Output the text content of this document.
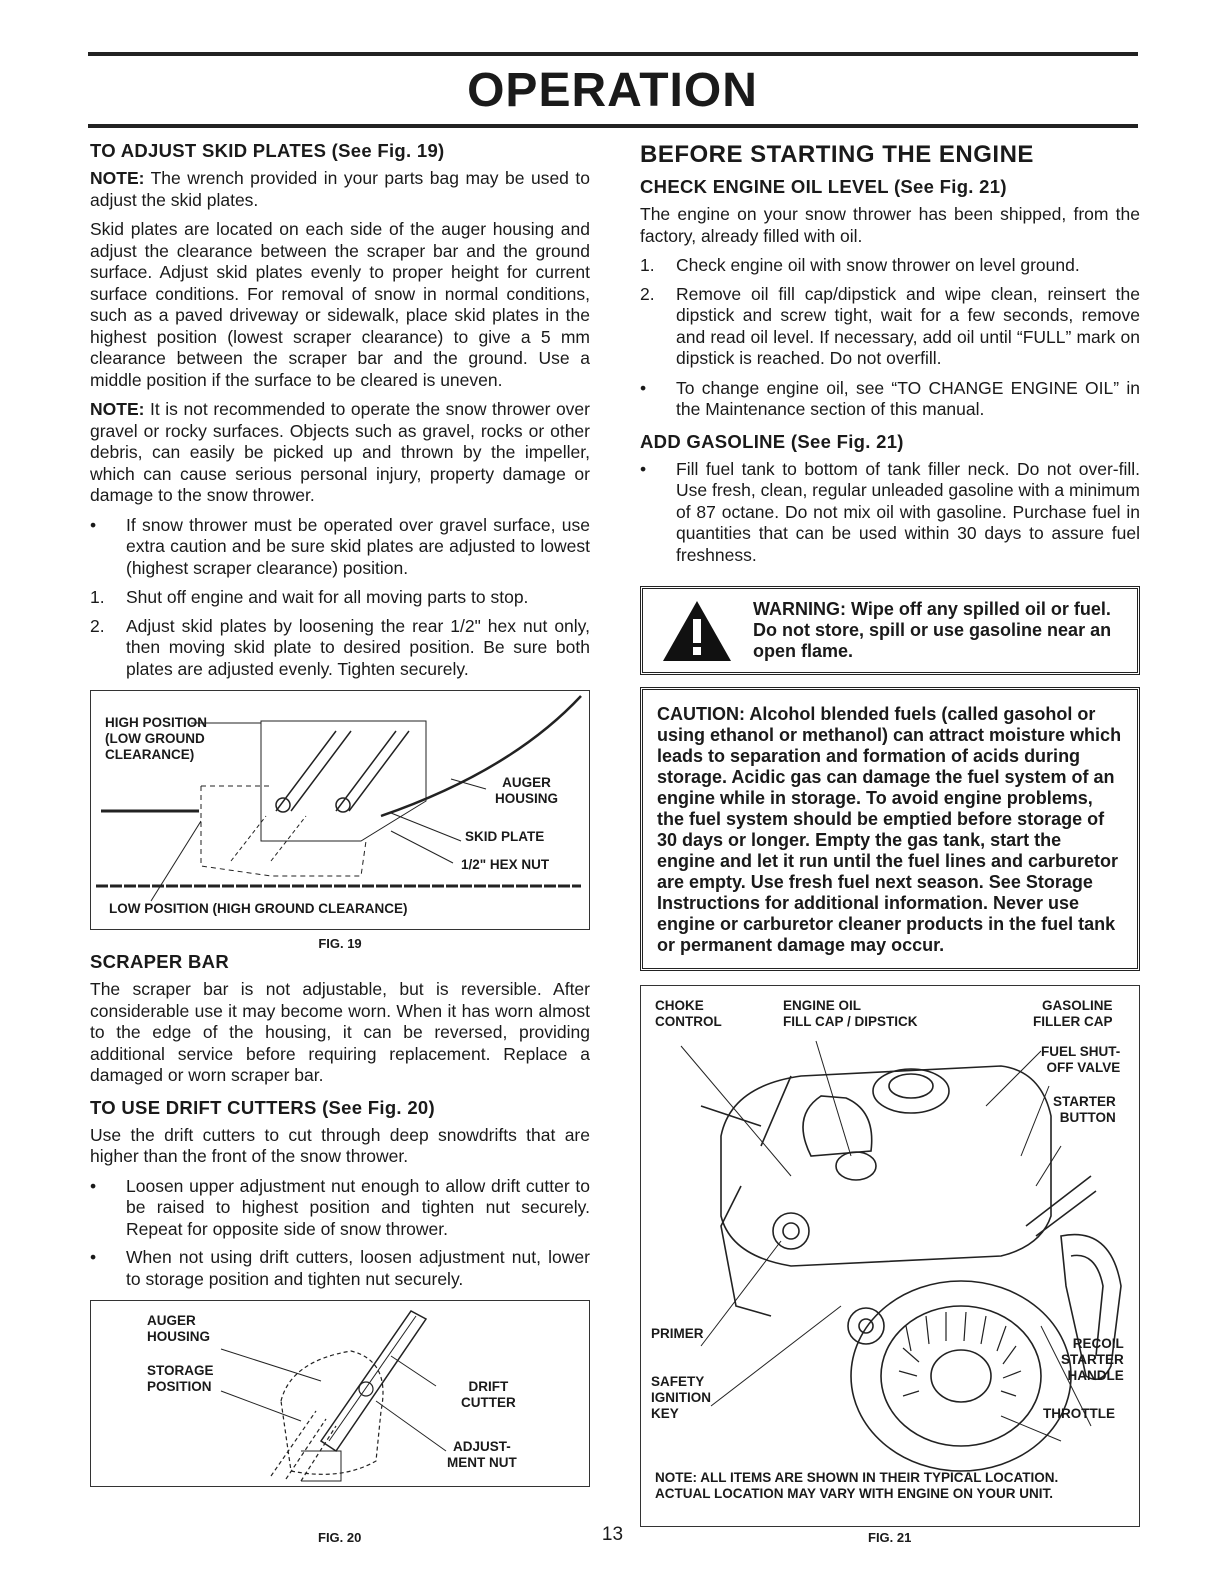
OPERATION
TO ADJUST SKID PLATES (See Fig. 19)

NOTE: The wrench provided in your parts bag may be used to adjust the skid plates.

Skid plates are located on each side of the auger housing and adjust the clearance between the scraper bar and the ground surface. Adjust skid plates evenly to proper height for current surface conditions. For removal of snow in normal conditions, such as a paved driveway or sidewalk, place skid plates in the highest position (lowest scraper clearance) to give a 5 mm clearance between the scraper bar and the ground. Use a middle position if the surface to be cleared is uneven.

NOTE: It is not recommended to operate the snow thrower over gravel or rocky surfaces. Objects such as gravel, rocks or other debris, can easily be picked up and thrown by the impeller, which can cause serious personal injury, property damage or damage to the snow thrower.

•	If snow thrower must be operated over gravel surface, use extra caution and be sure skid plates are adjusted to lowest (highest scraper clearance) position.
1.	Shut off engine and wait for all moving parts to stop.
2.	Adjust skid plates by loosening the rear 1/2" hex nut only, then moving skid plate to desired position. Be sure both plates are adjusted evenly. Tighten securely.
HIGH POSITION
(LOW GROUND
CLEARANCE)
AUGER
HOUSING
SKID PLATE
1/2" HEX NUT
LOW POSITION (HIGH GROUND CLEARANCE)
FIG. 19
SCRAPER BAR

The scraper bar is not adjustable, but is reversible. After considerable use it may become worn. When it has worn almost to the edge of the housing, it can be reversed, providing additional service before requiring replacement. Replace a damaged or worn scraper bar.

TO USE DRIFT CUTTERS (See Fig. 20)

Use the drift cutters to cut through deep snowdrifts that are higher than the front of the snow thrower.

•	Loosen upper adjustment nut enough to allow drift cutter to be raised to highest position and tighten nut securely. Repeat for opposite side of snow thrower.
•	When not using drift cutters, loosen adjustment nut, lower to storage position and tighten nut securely.
AUGER
HOUSING
STORAGE
POSITION	DRIFT
CUTTER
ADJUST-
MENT NUT
BEFORE STARTING THE ENGINE
CHECK ENGINE OIL LEVEL (See Fig. 21)

The engine on your snow thrower has been shipped, from the factory, already filled with oil.

1.	Check engine oil with snow thrower on level ground.
2.	Remove oil fill cap/dipstick and wipe clean, reinsert the dipstick and screw tight, wait for a few seconds, remove and read oil level. If necessary, add oil until “FULL” mark on dipstick is reached. Do not overfill.
•	To change engine oil, see “TO CHANGE ENGINE OIL” in the Maintenance section of this manual.
ADD GASOLINE (See Fig. 21)
•	Fill fuel tank to bottom of tank filler neck. Do not over-fill. Use fresh, clean, regular unleaded gasoline with a minimum of 87 octane. Do not mix oil with gasoline. Purchase fuel in quantities that can be used within 30 days to assure fuel freshness.
WARNING: Wipe off any spilled oil or fuel. Do not store, spill or use gasoline near an open flame.
CAUTION: Alcohol blended fuels (called gasohol or using ethanol or methanol) can attract moisture which leads to separation and formation of acids during storage. Acidic gas can damage the fuel system of an engine while in storage. To avoid engine problems, the fuel system should be emptied before storage of 30 days or longer. Empty the gas tank, start the engine and let it run until the fuel lines and carburetor are empty. Use fresh fuel next season. See Storage Instructions for additional information. Never use engine or carburetor cleaner products in the fuel tank or permanent damage may occur.
CHOKE
CONTROL
ENGINE OIL
FILL CAP / DIPSTICK
GASOLINE
FILLER CAP
FUEL SHUT-
OFF VALVE
STARTER
BUTTON
PRIMER
SAFETY
IGNITION
KEY
RECOIL
STARTER
HANDLE
THROTTLE
NOTE: ALL ITEMS ARE SHOWN IN THEIR TYPICAL LOCATION.
ACTUAL LOCATION MAY VARY WITH ENGINE ON YOUR UNIT.
FIG. 20	13	FIG. 21
